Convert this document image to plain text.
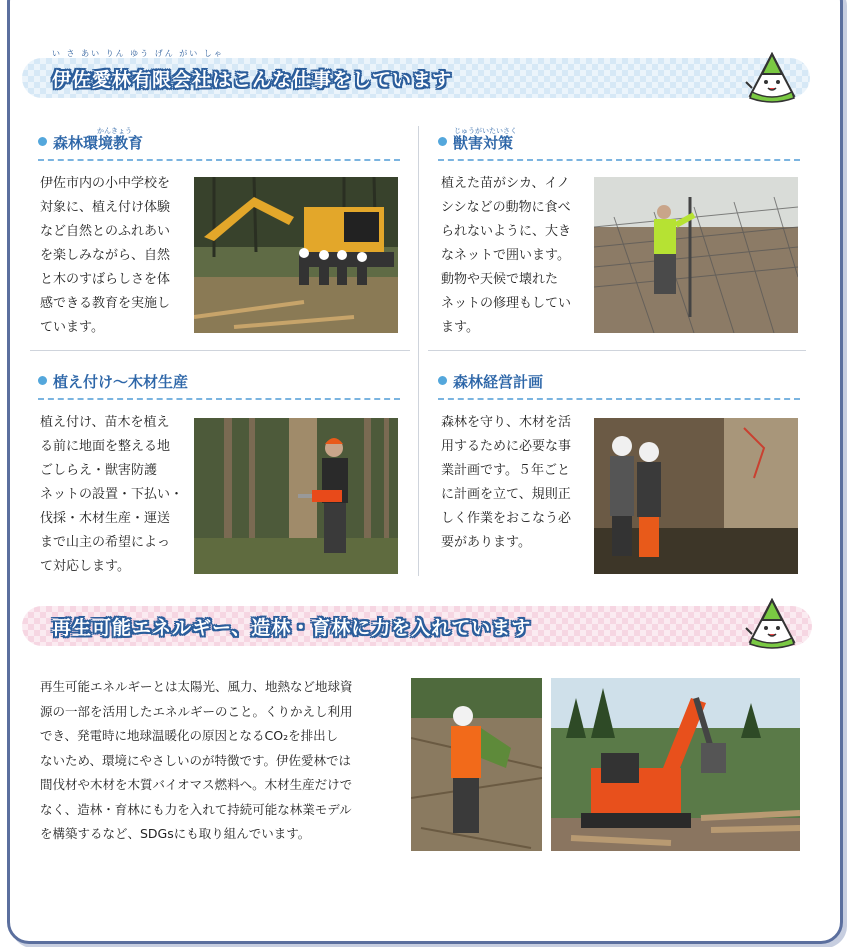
い さ あい りん ゆう げん がい しゃ
伊佐愛林有限会社はこんな仕事をしています
かんきょう
森林環境教育
伊佐市内の小中学校を
対象に、植え付け体験
など自然とのふれあい
を楽しみながら、自然
と木のすばらしさを体
感できる教育を実施し
ています。
じゅうがいたいさく
獣害対策
植えた苗がシカ、イノ
シシなどの動物に食べ
られないように、大き
なネットで囲います。
動物や天候で壊れた
ネットの修理もしてい
ます。
植え付け〜木材生産
植え付け、苗木を植え
る前に地面を整える地
ごしらえ・獣害防護
ネットの設置・下払い・
伐採・木材生産・運送
まで山主の希望によっ
て対応します。
森林経営計画
森林を守り、木材を活
用するために必要な事
業計画です。５年ごと
に計画を立て、規則正
しく作業をおこなう必
要があります。
再生可能エネルギー、造林・育林に力を入れています
再生可能エネルギーとは太陽光、風力、地熱など地球資
源の一部を活用したエネルギーのこと。くりかえし利用
でき、発電時に地球温暖化の原因となるCO₂を排出し
ないため、環境にやさしいのが特徴です。伊佐愛林では
間伐材や木材を木質バイオマス燃料へ。木材生産だけで
なく、造林・育林にも力を入れて持続可能な林業モデル
を構築するなど、SDGsにも取り組んでいます。
